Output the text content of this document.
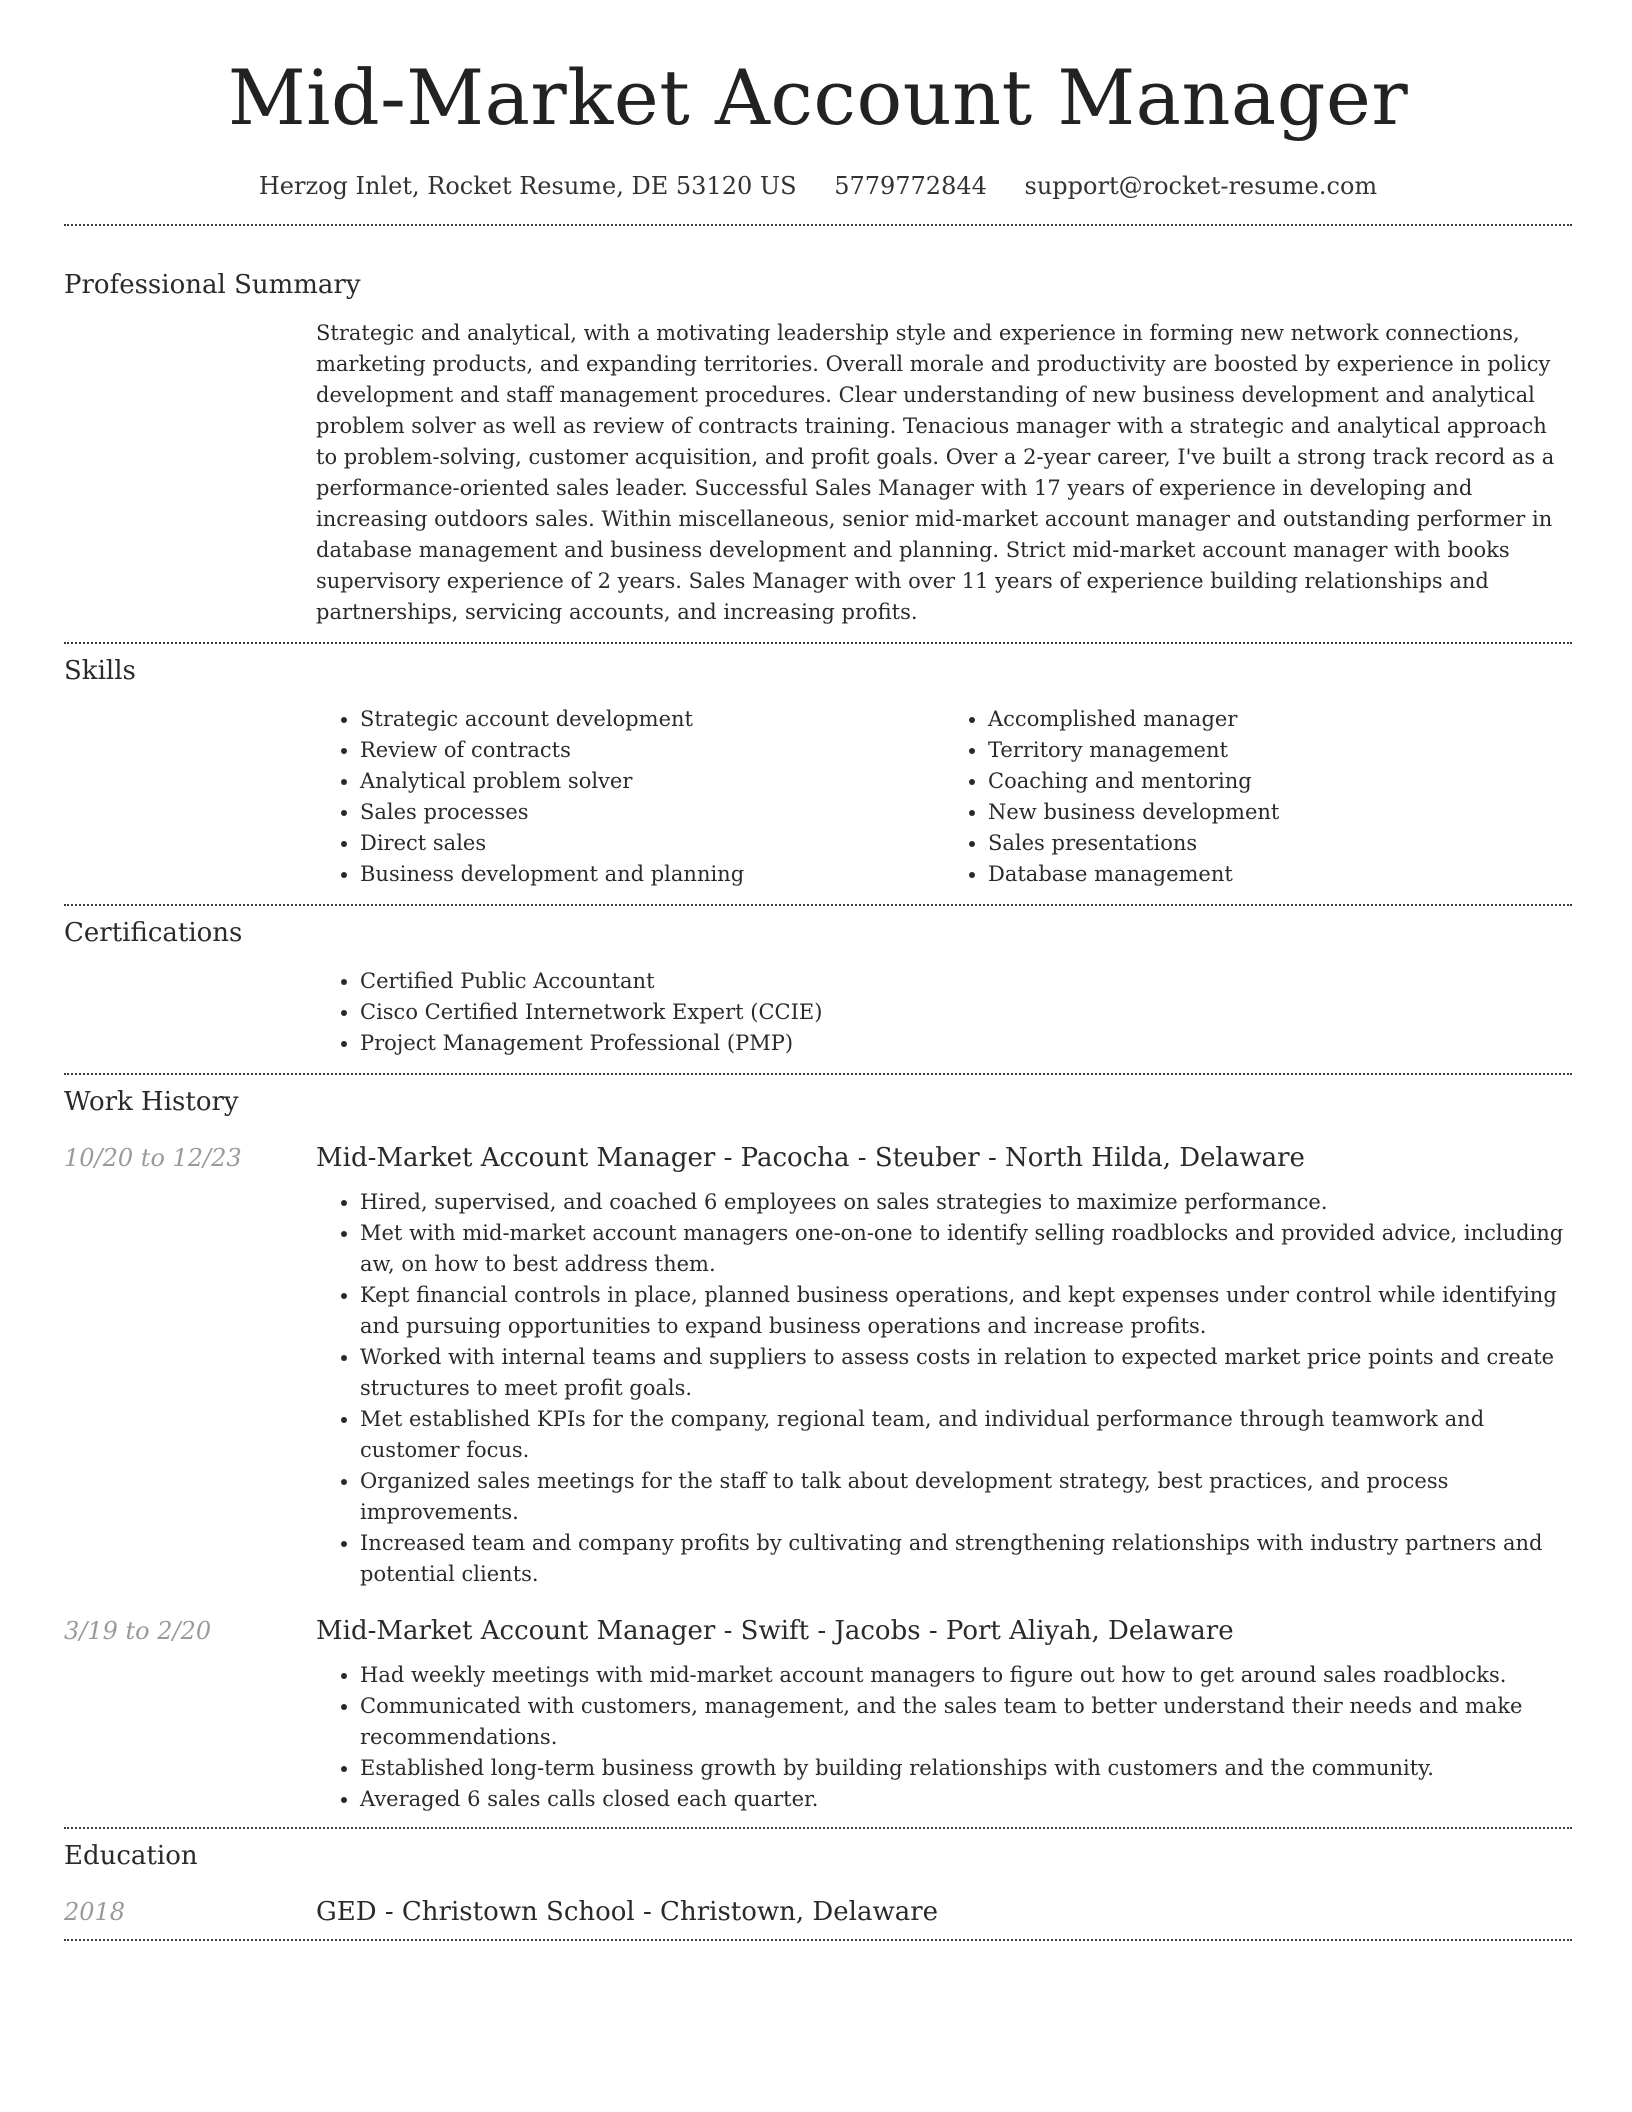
Mid-Market Account Manager
Herzog Inlet, Rocket Resume, DE 53120 US 5779772844 support@rocket-resume.com
Professional Summary
Strategic and analytical, with a motivating leadership style and experience in forming new network connections, marketing products, and expanding territories. Overall morale and productivity are boosted by experience in policy development and staff management procedures. Clear understanding of new business development and analytical problem solver as well as review of contracts training. Tenacious manager with a strategic and analytical approach to problem-solving, customer acquisition, and profit goals. Over a 2-year career, I've built a strong track record as a performance-oriented sales leader. Successful Sales Manager with 17 years of experience in developing and increasing outdoors sales. Within miscellaneous, senior mid-market account manager and outstanding performer in database management and business development and planning. Strict mid-market account manager with books supervisory experience of 2 years. Sales Manager with over 11 years of experience building relationships and partnerships, servicing accounts, and increasing profits.
Skills
• Strategic account development
• Review of contracts
• Analytical problem solver
• Sales processes
• Direct sales
• Business development and planning
• Accomplished manager
• Territory management
• Coaching and mentoring
• New business development
• Sales presentations
• Database management
Certifications
• Certified Public Accountant
• Cisco Certified Internetwork Expert (CCIE)
• Project Management Professional (PMP)
Work History
10/20 to 12/23	Mid-Market Account Manager - Pacocha - Steuber - North Hilda, Delaware
• Hired, supervised, and coached 6 employees on sales strategies to maximize performance.
• Met with mid-market account managers one-on-one to identify selling roadblocks and provided advice, including aw, on how to best address them.
• Kept financial controls in place, planned business operations, and kept expenses under control while identifying and pursuing opportunities to expand business operations and increase profits.
• Worked with internal teams and suppliers to assess costs in relation to expected market price points and create structures to meet profit goals.
• Met established KPIs for the company, regional team, and individual performance through teamwork and customer focus.
• Organized sales meetings for the staff to talk about development strategy, best practices, and process improvements.
• Increased team and company profits by cultivating and strengthening relationships with industry partners and potential clients.
3/19 to 2/20	Mid-Market Account Manager - Swift - Jacobs - Port Aliyah, Delaware
• Had weekly meetings with mid-market account managers to figure out how to get around sales roadblocks.
• Communicated with customers, management, and the sales team to better understand their needs and make recommendations.
• Established long-term business growth by building relationships with customers and the community.
• Averaged 6 sales calls closed each quarter.
Education
2018	GED - Christown School - Christown, Delaware
